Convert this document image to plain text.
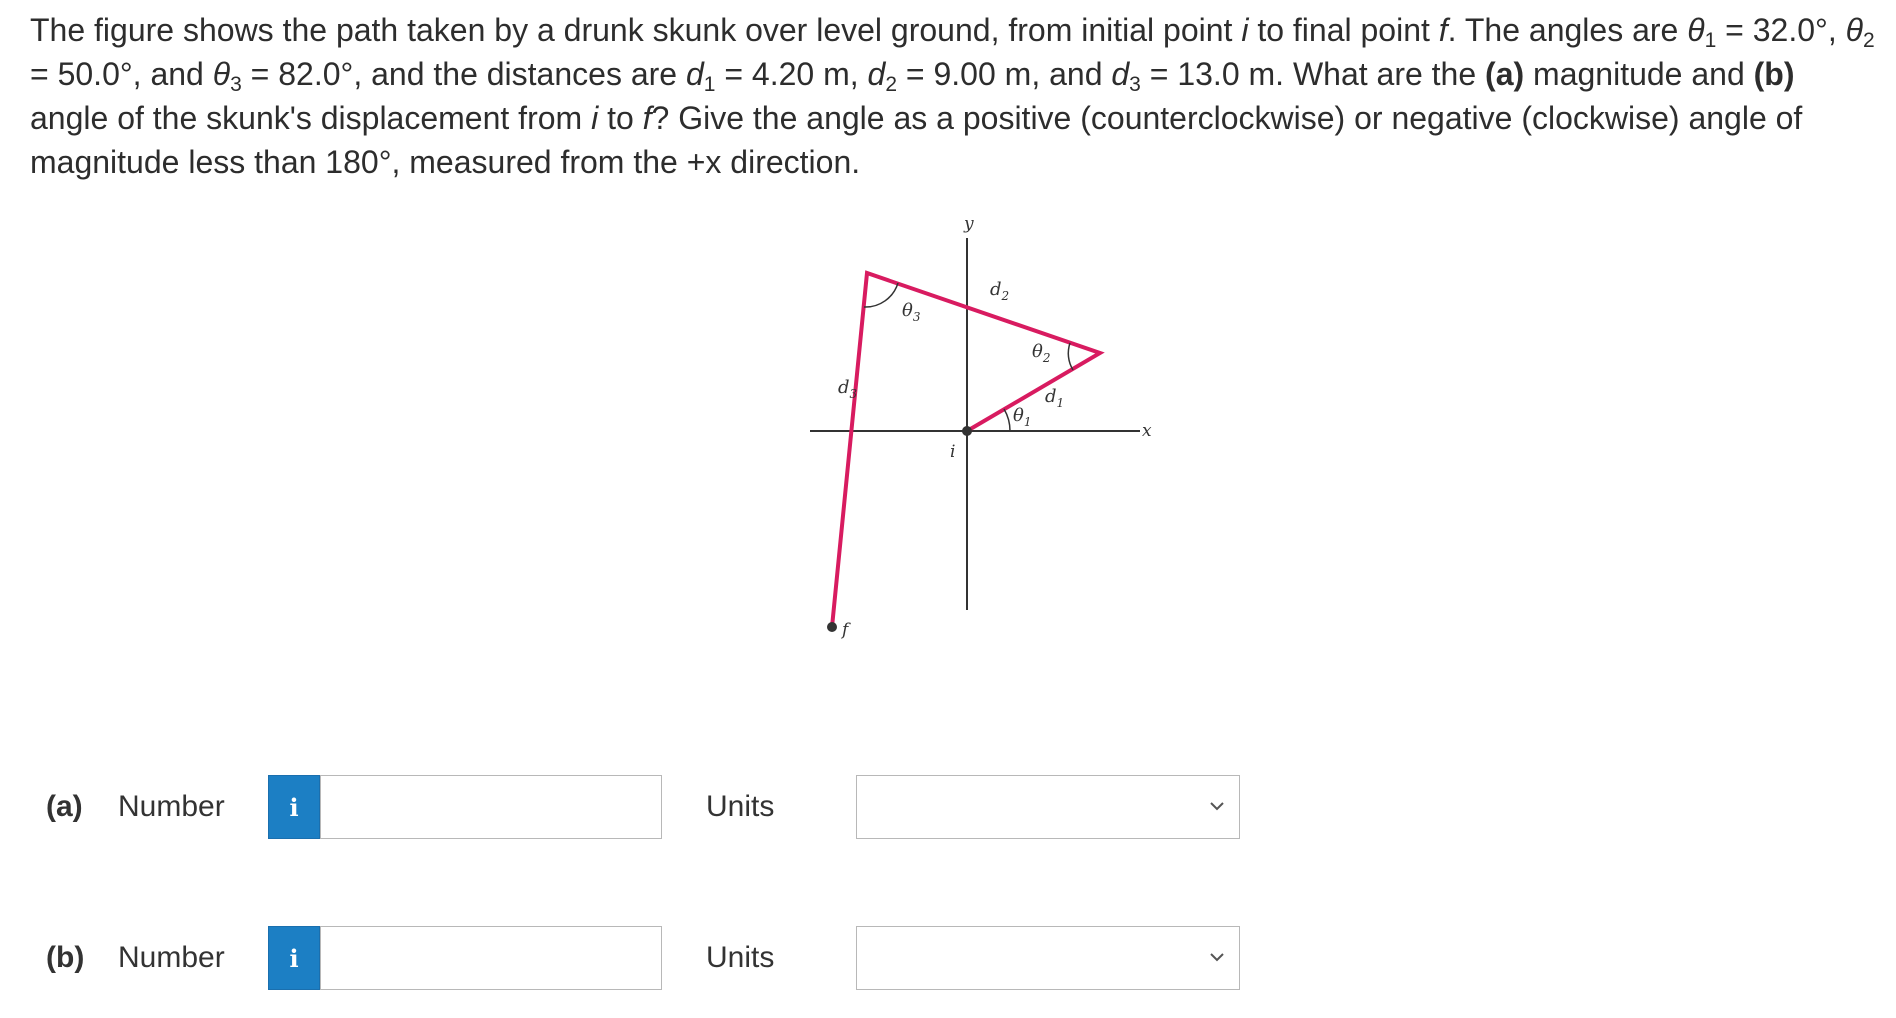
The figure shows the path taken by a drunk skunk over level ground, from initial point i to final point f. The angles are $\theta_1 = 32.0^\circ$, $\theta_2 = 50.0^\circ$, and $\theta_3 = 82.0^\circ$, and the distances are $d_1 = 4.20$ m, $d_2 = 9.00$ m, and $d_3 = 13.0$ m. What are the (a) magnitude and (b) angle of the skunk's displacement from i to f? Give the angle as a positive (counterclockwise) or negative (clockwise) angle of magnitude less than 180°, measured from the +x direction.
y
x
$d_1$
$d_2$
$d_3$
$\theta_1$
$\theta_2$
$\theta_3$
i
f
(a)	Number	i	Units
(b)	Number	i	Units
